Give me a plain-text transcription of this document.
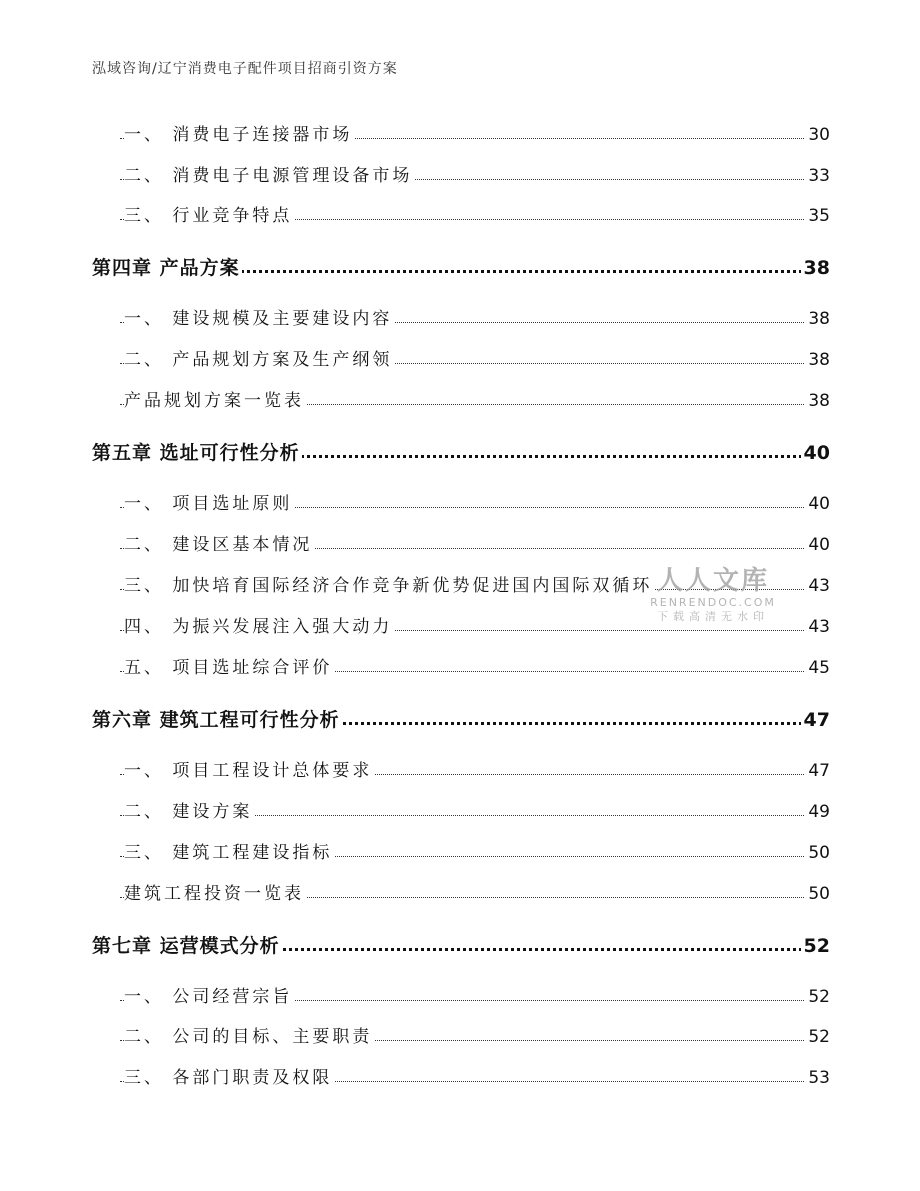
泓域咨询/辽宁消费电子配件项目招商引资方案
一、 消费电子连接器市场	30
二、 消费电子电源管理设备市场	33
三、 行业竞争特点	35
第四章 产品方案	38
一、 建设规模及主要建设内容	38
二、 产品规划方案及生产纲领	38
产品规划方案一览表	38
第五章 选址可行性分析	40
一、 项目选址原则	40
二、 建设区基本情况	40
三、 加快培育国际经济合作竞争新优势促进国内国际双循环	43
四、 为振兴发展注入强大动力	43
五、 项目选址综合评价	45
第六章 建筑工程可行性分析	47
一、 项目工程设计总体要求	47
二、 建设方案	49
三、 建筑工程建设指标	50
建筑工程投资一览表	50
第七章 运营模式分析	52
一、 公司经营宗旨	52
二、 公司的目标、主要职责	52
三、 各部门职责及权限	53
人人文库
RENRENDOC.COM
下载高清无水印
